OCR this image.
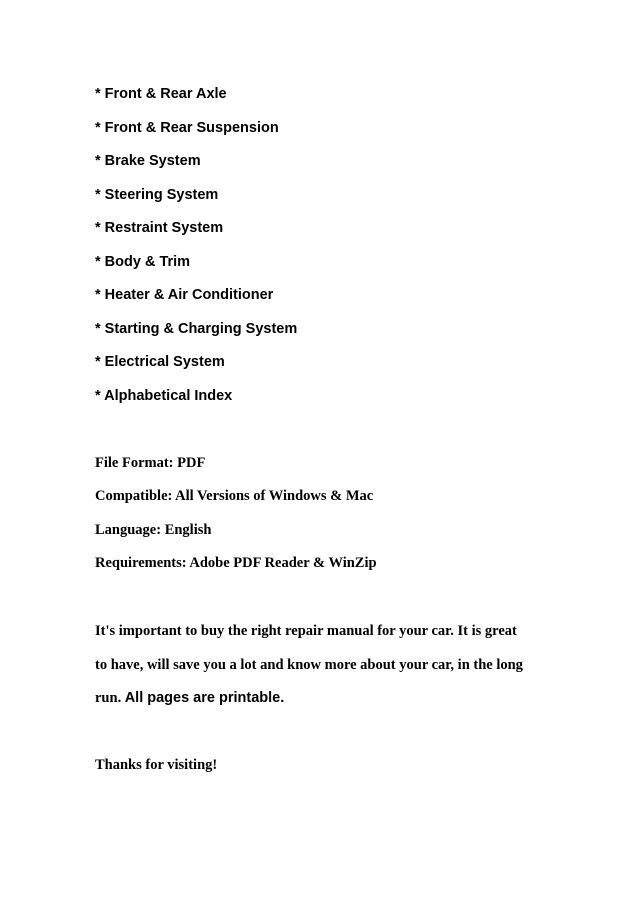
* Front & Rear Axle
* Front & Rear Suspension
* Brake System
* Steering System
* Restraint System
* Body & Trim
* Heater & Air Conditioner
* Starting & Charging System
* Electrical System
* Alphabetical Index
File Format: PDF
Compatible: All Versions of Windows & Mac
Language: English
Requirements: Adobe PDF Reader & WinZip
It's important to buy the right repair manual for your car. It is great
to have, will save you a lot and know more about your car, in the long
run. All pages are printable.
Thanks for visiting!
